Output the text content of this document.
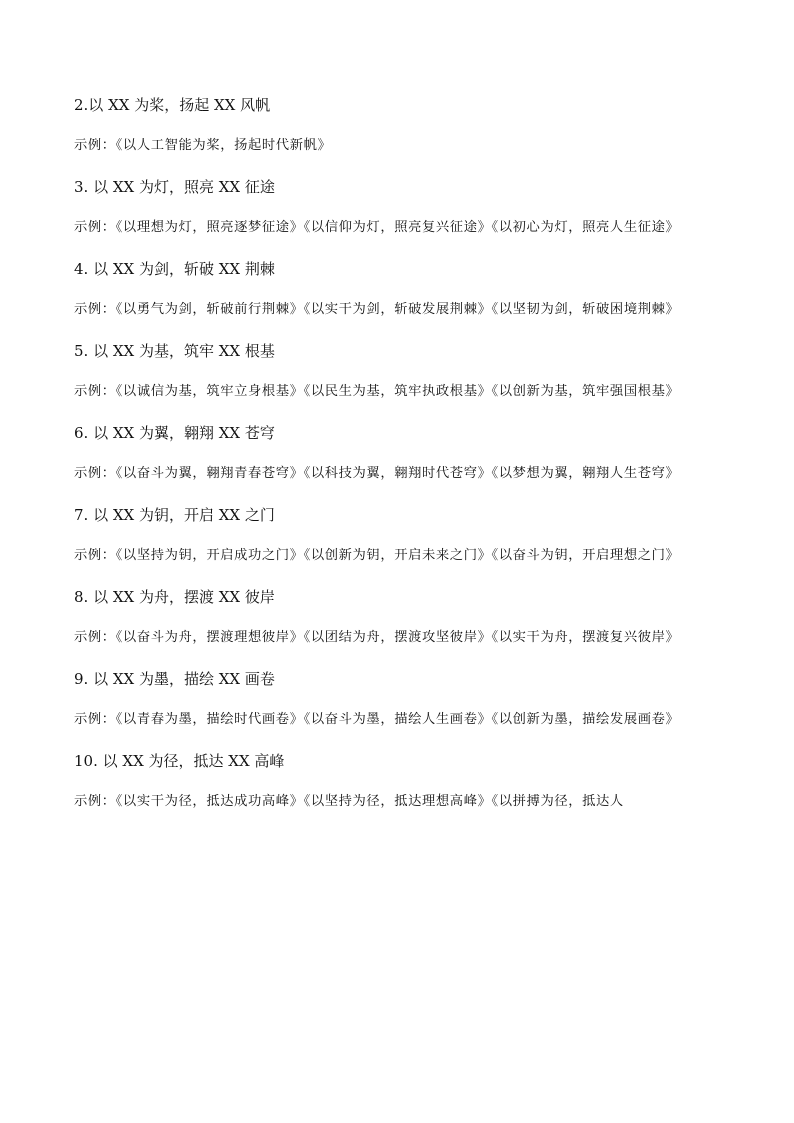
2.以 XX 为桨，扬起 XX 风帆

示例：《以人工智能为桨，扬起时代新帆》

3. 以 XX 为灯，照亮 XX 征途

示例：《以理想为灯，照亮逐梦征途》《以信仰为灯，照亮复兴征途》《以初心为灯，照亮人生征途》

4. 以 XX 为剑，斩破 XX 荆棘

示例：《以勇气为剑，斩破前行荆棘》《以实干为剑，斩破发展荆棘》《以坚韧为剑，斩破困境荆棘》

5. 以 XX 为基，筑牢 XX 根基

示例：《以诚信为基，筑牢立身根基》《以民生为基，筑牢执政根基》《以创新为基，筑牢强国根基》

6. 以 XX 为翼，翱翔 XX 苍穹

示例：《以奋斗为翼，翱翔青春苍穹》《以科技为翼，翱翔时代苍穹》《以梦想为翼，翱翔人生苍穹》

7. 以 XX 为钥，开启 XX 之门

示例：《以坚持为钥，开启成功之门》《以创新为钥，开启未来之门》《以奋斗为钥，开启理想之门》

8. 以 XX 为舟，摆渡 XX 彼岸

示例：《以奋斗为舟，摆渡理想彼岸》《以团结为舟，摆渡攻坚彼岸》《以实干为舟，摆渡复兴彼岸》

9. 以 XX 为墨，描绘 XX 画卷

示例：《以青春为墨，描绘时代画卷》《以奋斗为墨，描绘人生画卷》《以创新为墨，描绘发展画卷》

10. 以 XX 为径，抵达 XX 高峰

示例：《以实干为径，抵达成功高峰》《以坚持为径，抵达理想高峰》《以拼搏为径，抵达人
